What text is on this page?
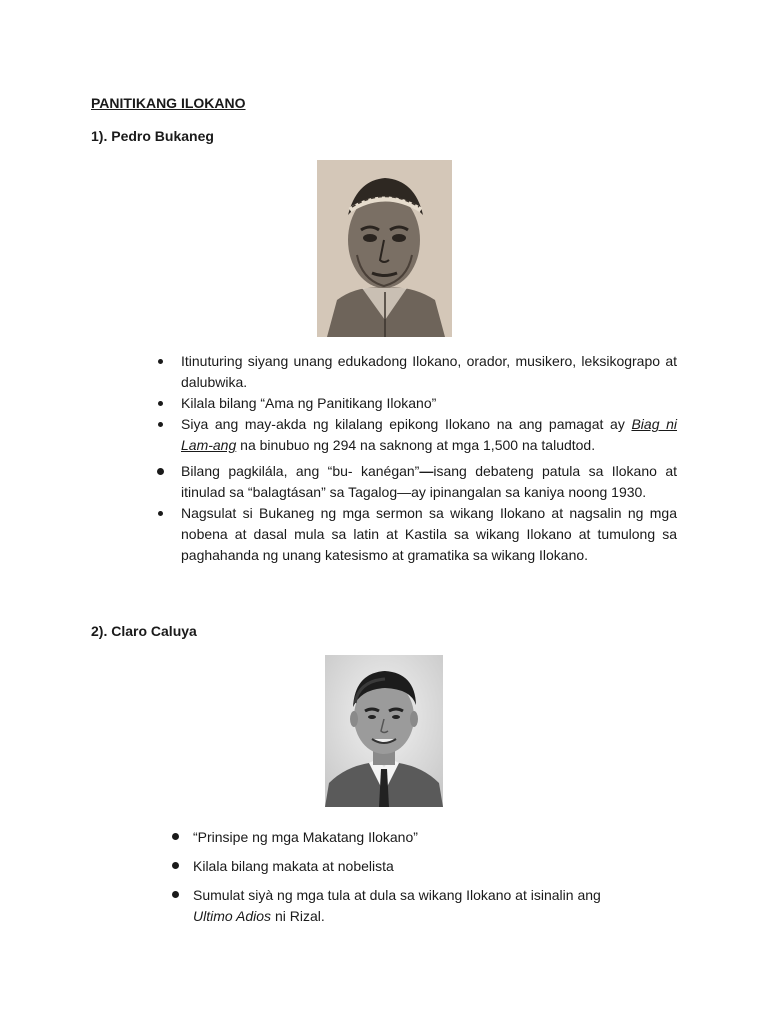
PANITIKANG ILOKANO
1). Pedro Bukaneg
Itinuturing siyang unang edukadong Ilokano, orador, musikero, leksikograpo at dalubwika.
Kilala bilang “Ama ng Panitikang Ilokano”
Siya ang may-akda ng kilalang epikong Ilokano na ang pamagat ay Biag ni Lam-ang na binubuo ng 294 na saknong at mga 1,500 na taludtod.
Bilang pagkilála, ang “bu- kanégan”—isang debateng patula sa Ilokano at itinulad sa “balagtásan” sa Tagalog—ay ipinangalan sa kaniya noong 1930.
Nagsulat si Bukaneg ng mga sermon sa wikang Ilokano at nagsalin ng mga nobena at dasal mula sa latin at Kastila sa wikang Ilokano at tumulong sa paghahanda ng unang katesismo at gramatika sa wikang Ilokano.
2). Claro Caluya
“Prinsipe ng mga Makatang Ilokano”
Kilala bilang makata at nobelista
Sumulat siyà ng mga tula at dula sa wikang Ilokano at isinalin ang Ultimo Adios ni Rizal.
